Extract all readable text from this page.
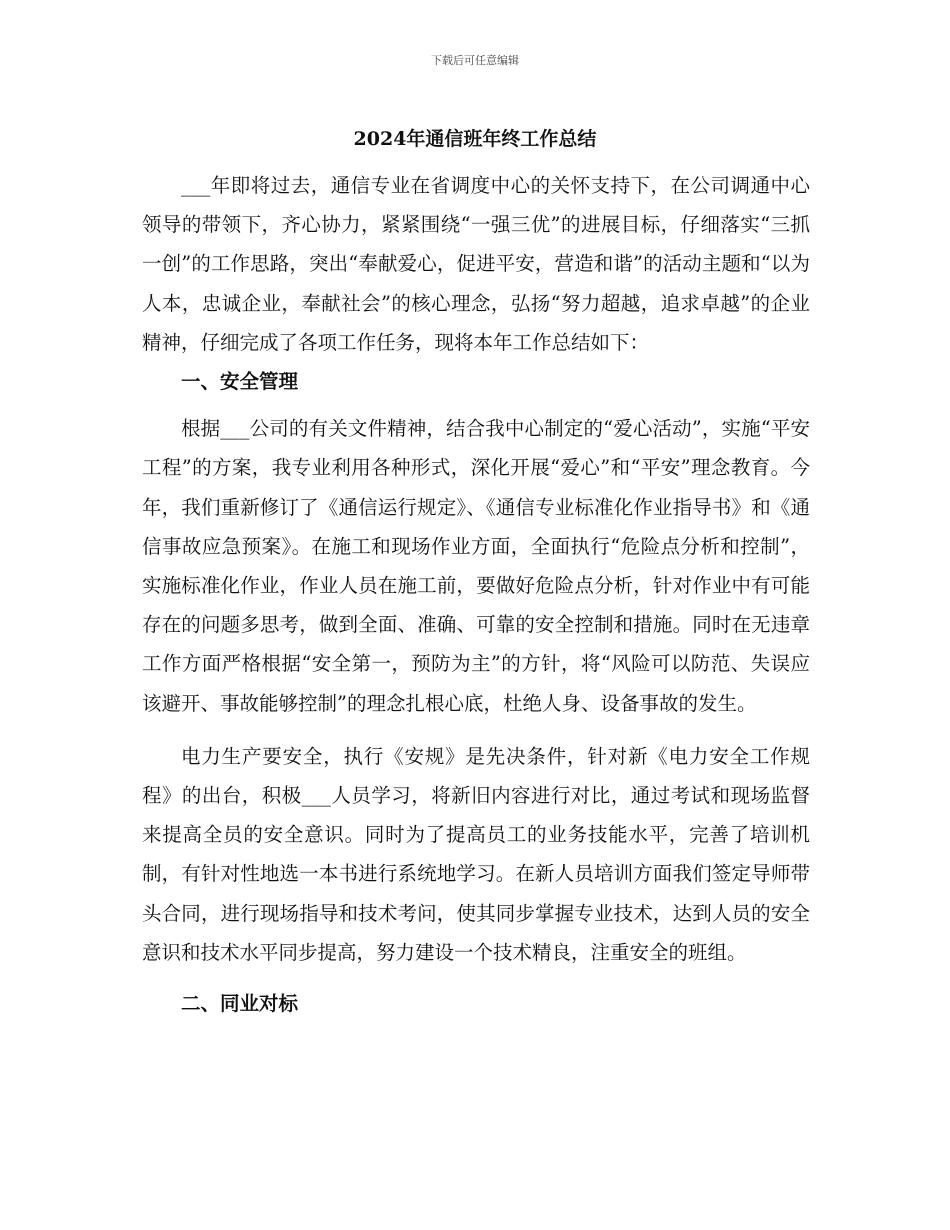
下载后可任意编辑
2024年通信班年终工作总结

___年即将过去，通信专业在省调度中心的关怀支持下，在公司调通中心领导的带领下，齐心协力，紧紧围绕“一强三优”的进展目标，仔细落实“三抓一创”的工作思路，突出“奉献爱心，促进平安，营造和谐”的活动主题和“以为人本，忠诚企业，奉献社会”的核心理念，弘扬“努力超越，追求卓越”的企业精神，仔细完成了各项工作任务，现将本年工作总结如下：

一、安全管理

根据___公司的有关文件精神，结合我中心制定的“爱心活动”，实施“平安工程”的方案，我专业利用各种形式，深化开展“爱心”和“平安”理念教育。今年，我们重新修订了《通信运行规定》、《通信专业标准化作业指导书》和《通信事故应急预案》。在施工和现场作业方面，全面执行“危险点分析和控制”，实施标准化作业，作业人员在施工前，要做好危险点分析，针对作业中有可能存在的问题多思考，做到全面、准确、可靠的安全控制和措施。同时在无违章工作方面严格根据“安全第一，预防为主”的方针，将“风险可以防范、失误应该避开、事故能够控制”的理念扎根心底，杜绝人身、设备事故的发生。

电力生产要安全，执行《安规》是先决条件，针对新《电力安全工作规程》的出台，积极___人员学习，将新旧内容进行对比，通过考试和现场监督来提高全员的安全意识。同时为了提高员工的业务技能水平，完善了培训机制，有针对性地选一本书进行系统地学习。在新人员培训方面我们签定导师带头合同，进行现场指导和技术考问，使其同步掌握专业技术，达到人员的安全意识和技术水平同步提高，努力建设一个技术精良，注重安全的班组。

二、同业对标
